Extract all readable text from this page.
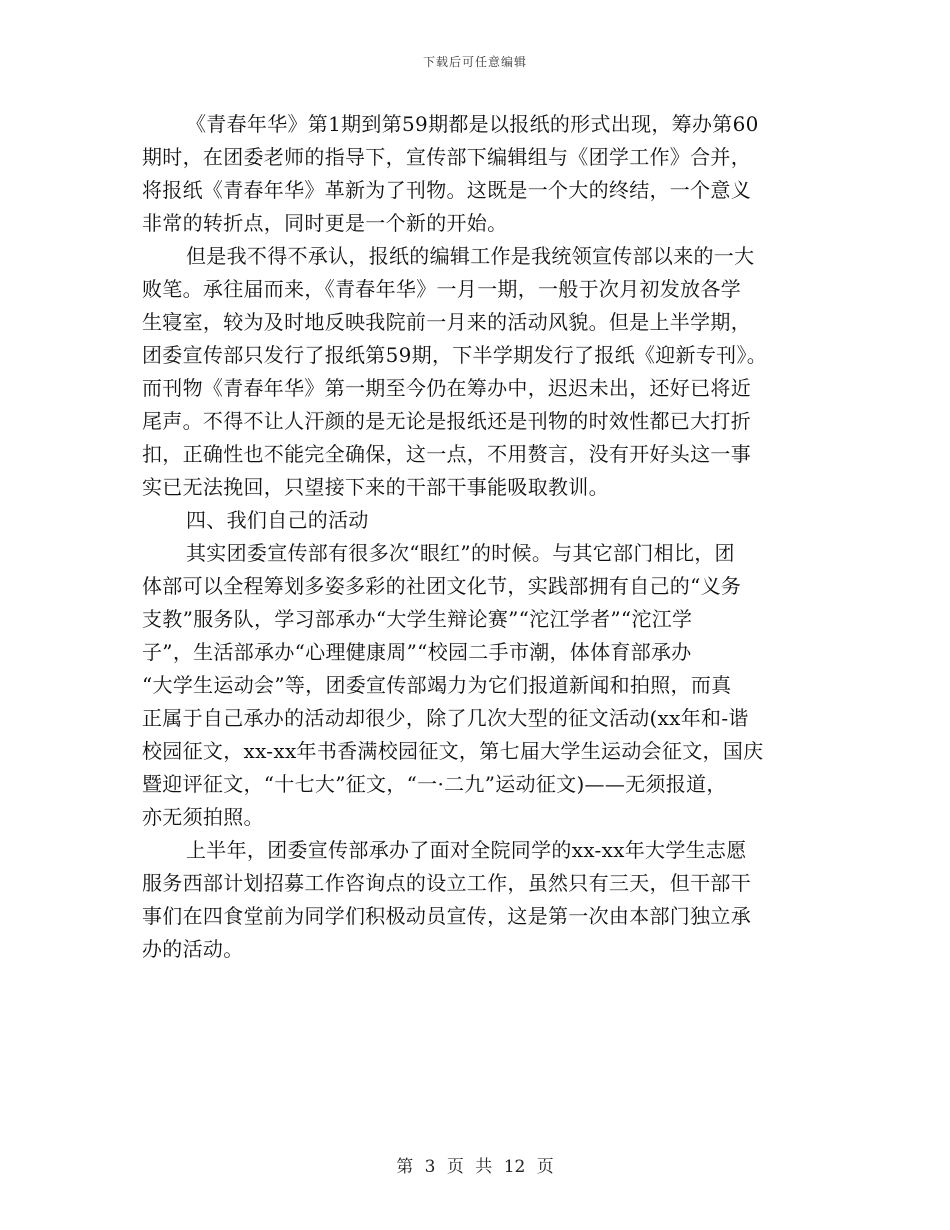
下载后可任意编辑
《青春年华》第1期到第59期都是以报纸的形式出现，筹办第60
期时，在团委老师的指导下，宣传部下编辑组与《团学工作》合并，
将报纸《青春年华》革新为了刊物。这既是一个大的终结，一个意义
非常的转折点，同时更是一个新的开始。
但是我不得不承认，报纸的编辑工作是我统领宣传部以来的一大
败笔。承往届而来，《青春年华》一月一期，一般于次月初发放各学
生寝室，较为及时地反映我院前一月来的活动风貌。但是上半学期，
团委宣传部只发行了报纸第59期，下半学期发行了报纸《迎新专刊》。
而刊物《青春年华》第一期至今仍在筹办中，迟迟未出，还好已将近
尾声。不得不让人汗颜的是无论是报纸还是刊物的时效性都已大打折
扣，正确性也不能完全确保，这一点，不用赘言，没有开好头这一事
实已无法挽回，只望接下来的干部干事能吸取教训。
四、我们自己的活动
其实团委宣传部有很多次“眼红”的时候。与其它部门相比，团
体部可以全程筹划多姿多彩的社团文化节，实践部拥有自己的“义务
支教”服务队，学习部承办“大学生辩论赛”“沱江学者”“沱江学
子”，生活部承办“心理健康周”“校园二手市潮，体体育部承办
“大学生运动会”等，团委宣传部竭力为它们报道新闻和拍照，而真
正属于自己承办的活动却很少，除了几次大型的征文活动(xx年和-谐
校园征文，xx-xx年书香满校园征文，第七届大学生运动会征文，国庆
暨迎评征文，“十七大”征文，“一·二九”运动征文)——无须报道，
亦无须拍照。
上半年，团委宣传部承办了面对全院同学的xx-xx年大学生志愿
服务西部计划招募工作咨询点的设立工作，虽然只有三天，但干部干
事们在四食堂前为同学们积极动员宣传，这是第一次由本部门独立承
办的活动。
第 3 页 共 12 页
